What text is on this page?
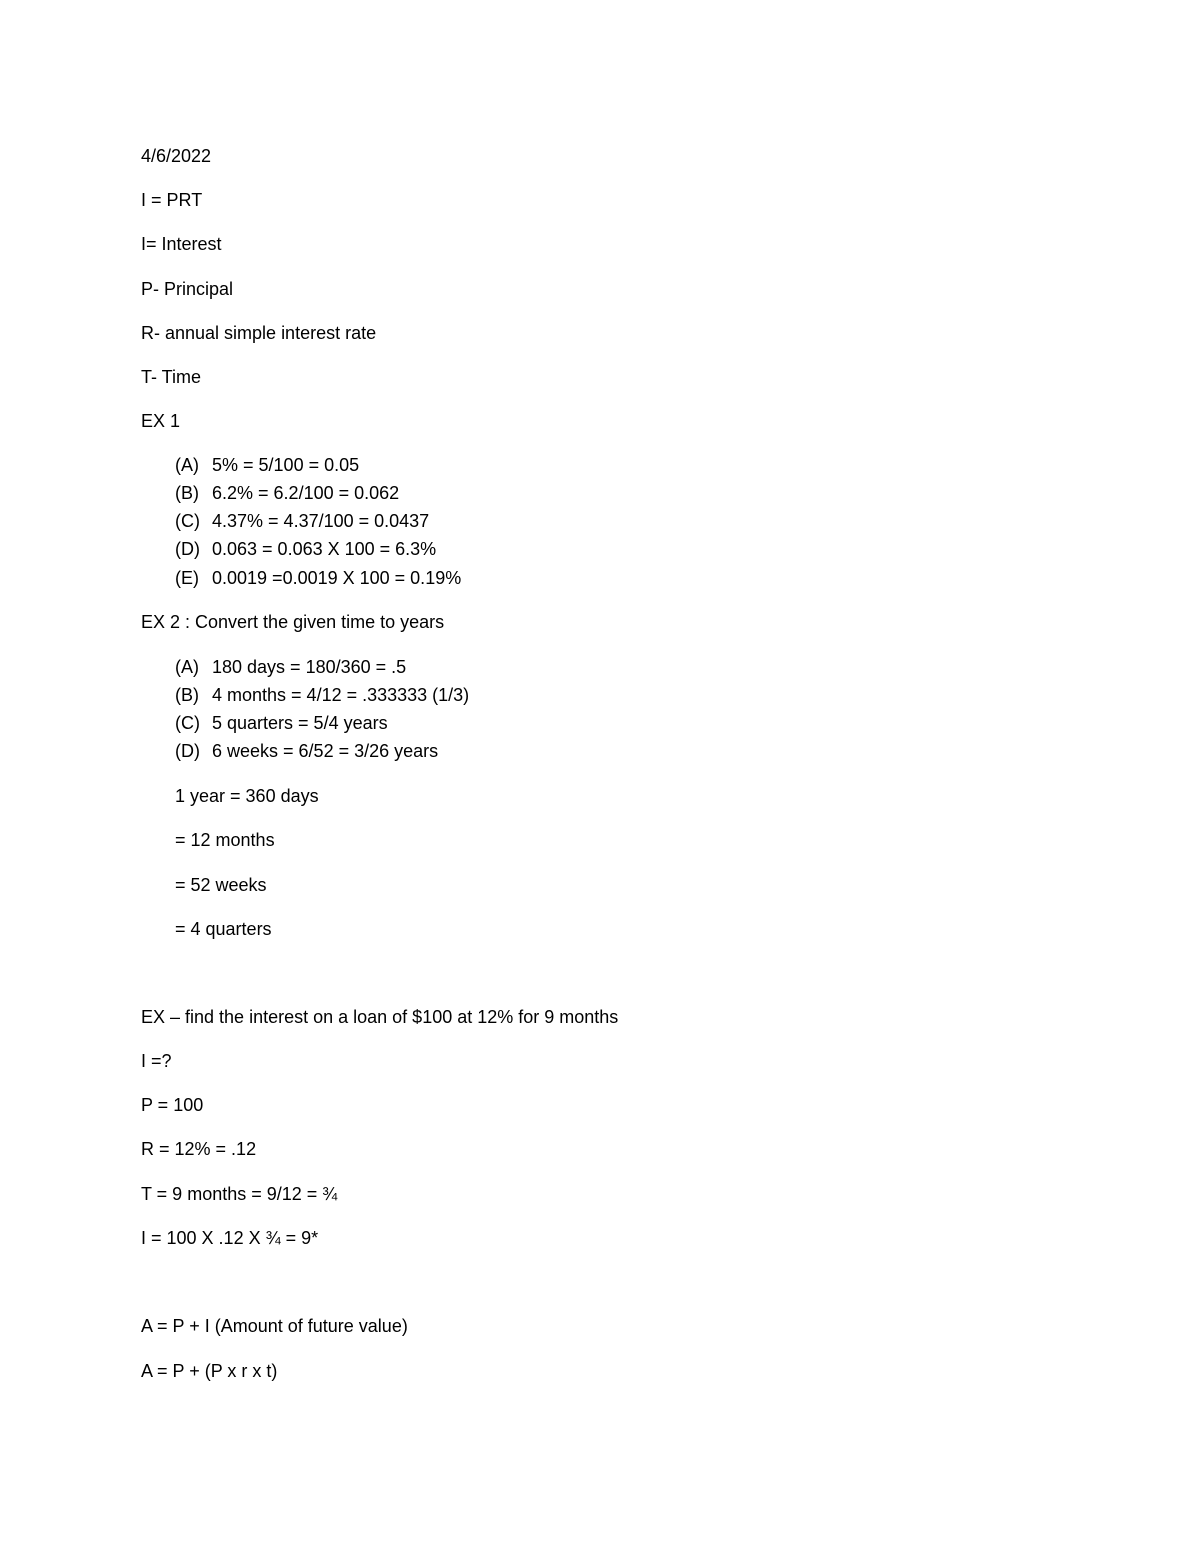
4/6/2022

I = PRT

I= Interest

P- Principal

R- annual simple interest rate

T- Time

EX 1

(A) 5% = 5/100 = 0.05
(B) 6.2% = 6.2/100 = 0.062
(C) 4.37% = 4.37/100 = 0.0437
(D) 0.063 = 0.063 X 100 = 6.3%
(E) 0.0019 =0.0019 X 100 = 0.19%

EX 2 : Convert the given time to years

(A) 180 days = 180/360 = .5
(B) 4 months = 4/12 = .333333 (1/3)
(C) 5 quarters = 5/4 years
(D) 6 weeks = 6/52 = 3/26 years

1 year = 360 days

= 12 months

= 52 weeks

= 4 quarters

EX – find the interest on a loan of $100 at 12% for 9 months

I =?

P = 100

R = 12% = .12

T = 9 months = 9/12 = ¾

I = 100 X .12 X ¾ = 9*

A = P + I (Amount of future value)

A = P + (P x r x t)
